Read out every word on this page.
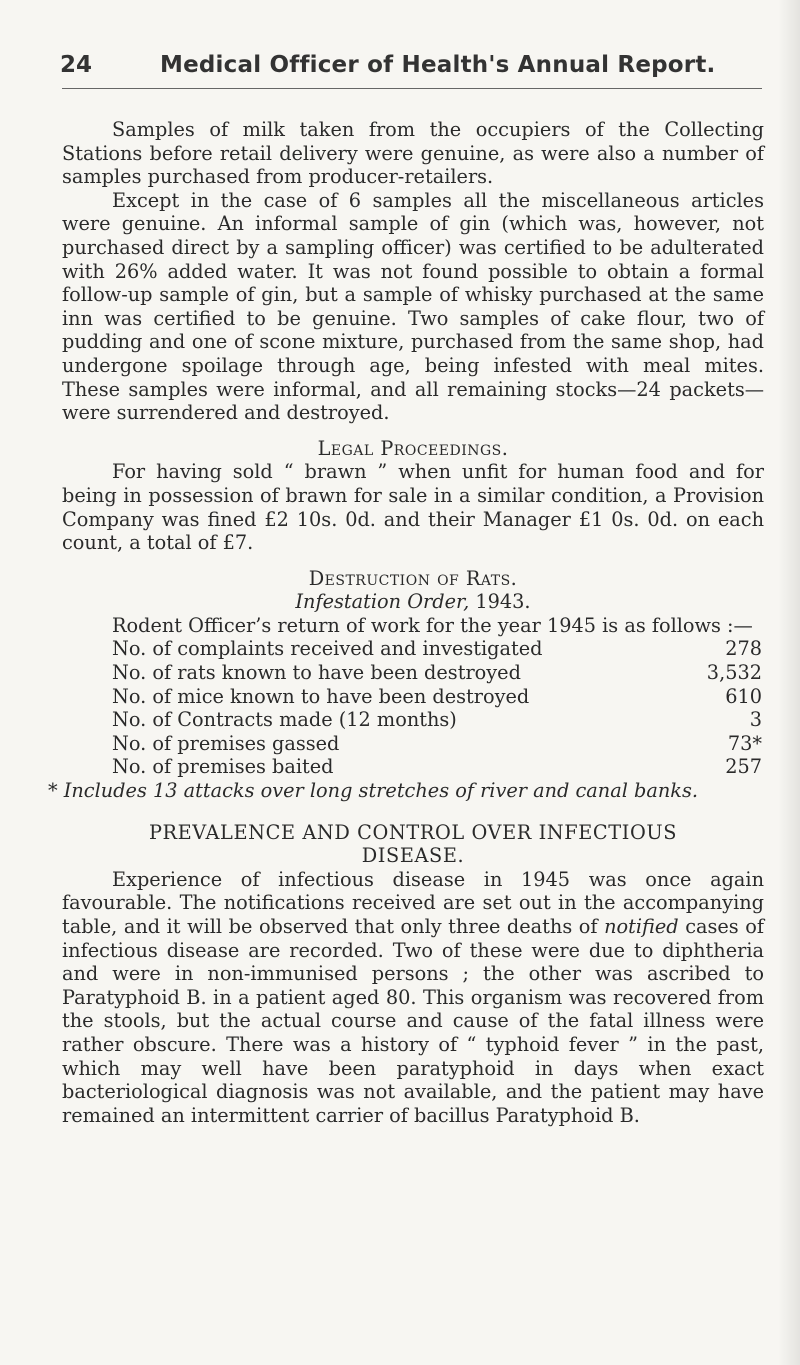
24	Medical Officer of Health's Annual Report.

Samples of milk taken from the occupiers of the Collecting Stations before retail delivery were genuine, as were also a number of samples purchased from producer-retailers.

Except in the case of 6 samples all the miscellaneous articles were genuine. An informal sample of gin (which was, however, not purchased direct by a sampling officer) was certified to be adulterated with 26% added water. It was not found possible to obtain a formal follow-up sample of gin, but a sample of whisky purchased at the same inn was certified to be genuine. Two samples of cake flour, two of pudding and one of scone mixture, purchased from the same shop, had undergone spoilage through age, being infested with meal mites. These samples were informal, and all remaining stocks—24 packets—were surrendered and destroyed.

Legal Proceedings.

For having sold “ brawn ” when unfit for human food and for being in possession of brawn for sale in a similar condition, a Provision Company was fined £2 10s. 0d. and their Manager £1 0s. 0d. on each count, a total of £7.

Destruction of Rats.

Infestation Order, 1943.

Rodent Officer’s return of work for the year 1945 is as follows :—

No. of complaints received and investigated	278
No. of rats known to have been destroyed	3,532
No. of mice known to have been destroyed	610
No. of Contracts made (12 months)	3
No. of premises gassed	73*
No. of premises baited	257

* Includes 13 attacks over long stretches of river and canal banks.

PREVALENCE AND CONTROL OVER INFECTIOUS

DISEASE.

Experience of infectious disease in 1945 was once again favourable. The notifications received are set out in the accompanying table, and it will be observed that only three deaths of notified cases of infectious disease are recorded. Two of these were due to diphtheria and were in non-immunised persons ; the other was ascribed to Paratyphoid B. in a patient aged 80. This organism was recovered from the stools, but the actual course and cause of the fatal illness were rather obscure. There was a history of “ typhoid fever ” in the past, which may well have been paratyphoid in days when exact bacteriological diagnosis was not available, and the patient may have remained an intermittent carrier of bacillus Paratyphoid B.
